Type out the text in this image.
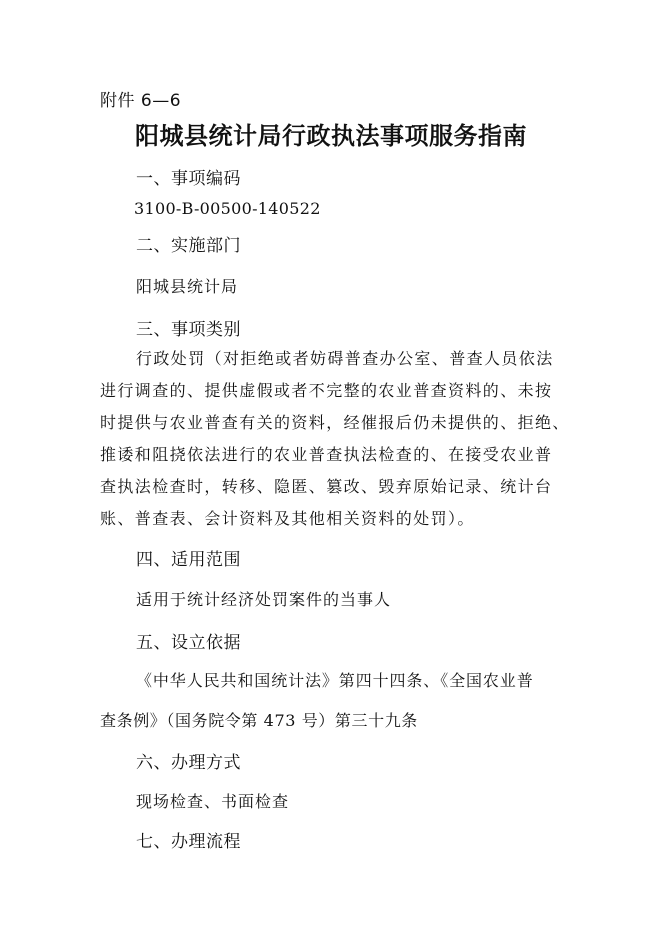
附件 6—6
阳城县统计局行政执法事项服务指南
一、事项编码
3100-B-00500-140522
二、实施部门
阳城县统计局
三、事项类别
行政处罚（对拒绝或者妨碍普查办公室、普查人员依法
进行调查的、提供虚假或者不完整的农业普查资料的、未按
时提供与农业普查有关的资料，经催报后仍未提供的、拒绝、
推诿和阻挠依法进行的农业普查执法检查的、在接受农业普
查执法检查时，转移、隐匿、篡改、毁弃原始记录、统计台
账、普查表、会计资料及其他相关资料的处罚）。
四、适用范围
适用于统计经济处罚案件的当事人
五、设立依据
《中华人民共和国统计法》第四十四条、《全国农业普
查条例》（国务院令第 473 号）第三十九条
六、办理方式
现场检查、书面检查
七、办理流程
